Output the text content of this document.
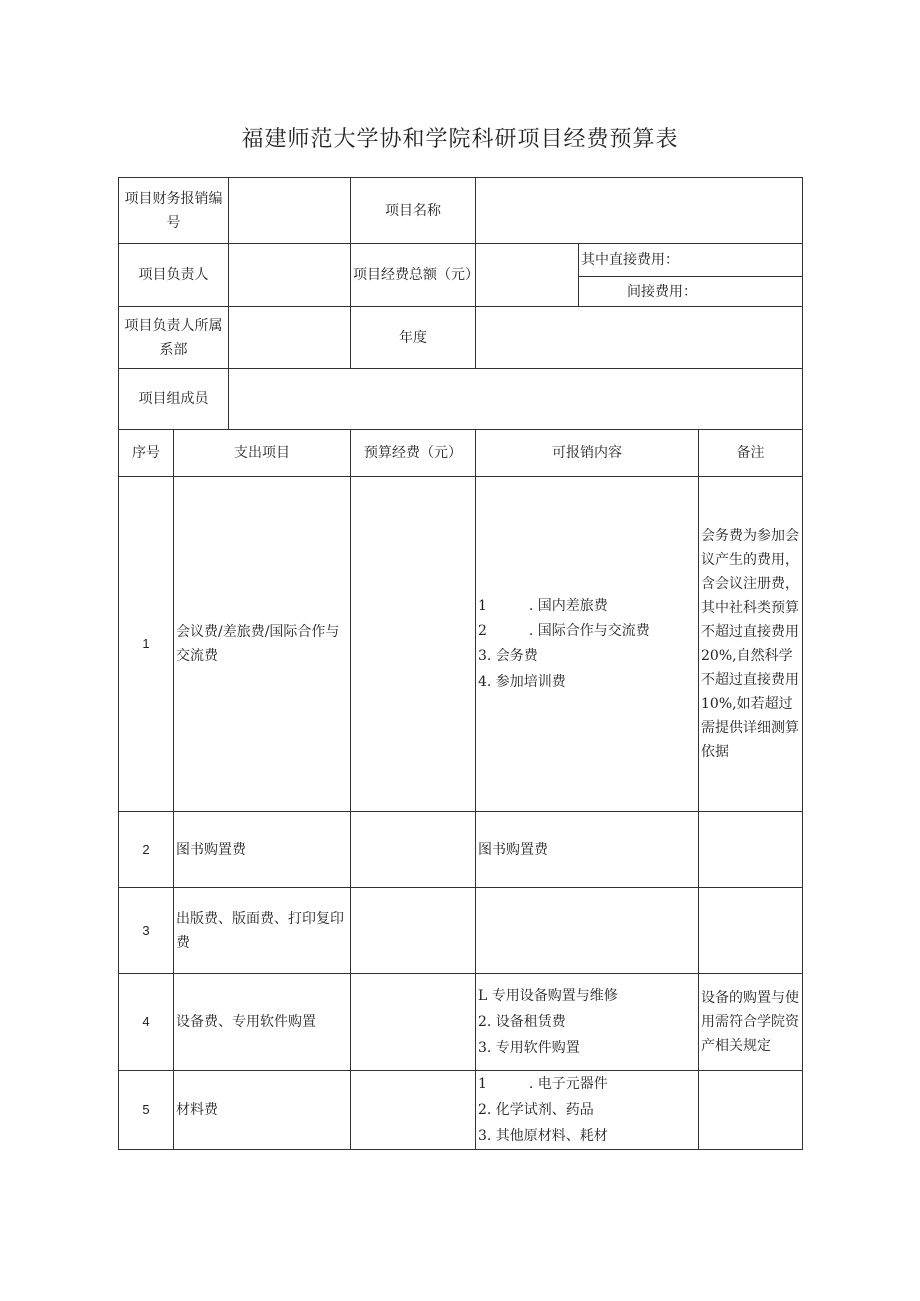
福建师范大学协和学院科研项目经费预算表
项目财务报销编号			项目名称			
项目负责人			项目经费总额（元）		其中直接费用：	
					间接费用：	
项目负责人所属系部			年度			
项目组成员						
序号	支出项目		预算经费（元）	可报销内容		备注
1	会议费/差旅费/国际合作与交流费			1　　　. 国内差旅费
2　　　. 国际合作与交流费
3. 会务费
4. 参加培训费		会务费为参加会议产生的费用，含会议注册费，其中社科类预算不超过直接费用20%,自然科学不超过直接费用10%,如若超过需提供详细测算依据
2	图书购置费			图书购置费		

3	出版费、版面费、打印复印费					
4	设备费、专用软件购置			L 专用设备购置与维修
2. 设备租赁费
3. 专用软件购置		设备的购置与使用需符合学院资产相关规定
5	材料费			1　　　. 电子元器件
2. 化学试剂、药品
3. 其他原材料、耗材		
